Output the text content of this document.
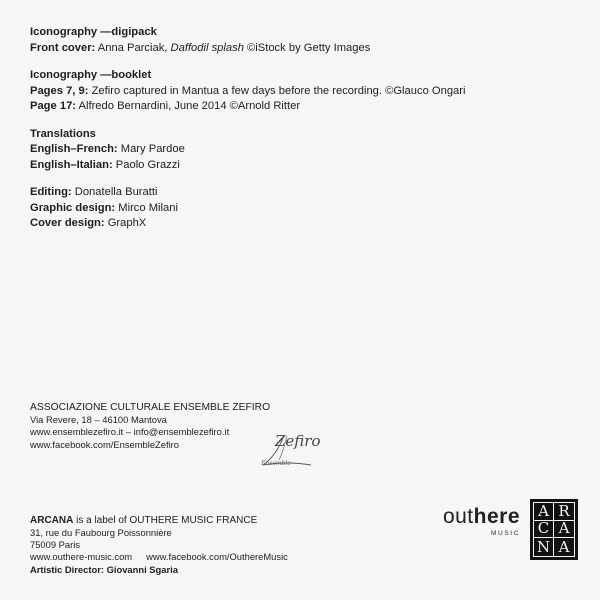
Iconography —digipack
Front cover: Anna Parciak, Daffodil splash ©iStock by Getty Images
Iconography —booklet
Pages 7, 9: Zefiro captured in Mantua a few days before the recording. ©Glauco Ongari
Page 17: Alfredo Bernardini, June 2014 ©Arnold Ritter
Translations
English–French: Mary Pardoe
English–Italian: Paolo Grazzi
Editing: Donatella Buratti
Graphic design: Mirco Milani
Cover design: GraphX
ASSOCIAZIONE CULTURALE ENSEMBLE ZEFIRO
Via Revere, 18 – 46100 Mantova
www.ensemblezefiro.it – info@ensemblezefiro.it
www.facebook.com/EnsembleZefiro	Zefiro
Ensemble
ARCANA is a label of OUTHERE MUSIC FRANCE
31, rue du Faubourg Poissonnière
75009 Paris
www.outhere-music.com www.facebook.com/OuthereMusic
Artistic Director: Giovanni Sgaria
outhere
MUSIC
A R
C A
N A
